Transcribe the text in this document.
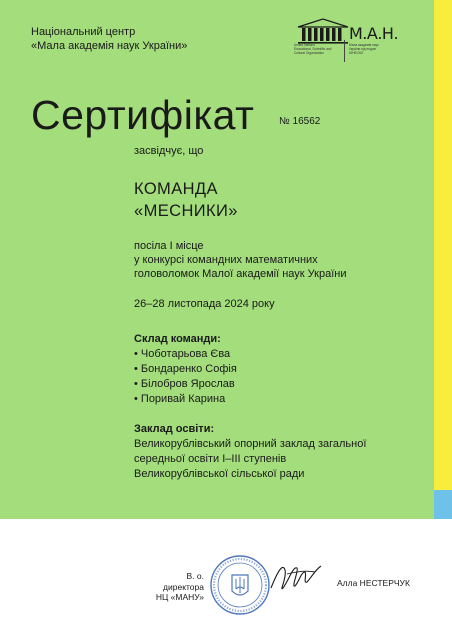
Національний центр
«Мала академія наук України»	United Nations
Educational, Scientific and
Cultural Organization
М.А.Н.
Мала академія наук
України під егідою
ЮНЕСКО
Сертифікат № 16562
засвідчує, що
КОМАНДА
«МЕСНИКИ»
посіла І місце
у конкурсі командних математичних
головоломок Малої академії наук України
26–28 листопада 2024 року
Склад команди:
• Чоботарьова Єва
• Бондаренко Софія
• Білобров Ярослав
• Поривай Карина
Заклад освіти:
Великорублівський опорний заклад загальної
середньої освіти І–ІІІ ступенів
Великорублівської сільської ради
В. о. директора
НЦ «МАНУ»
Алла НЕСТЕРЧУК
